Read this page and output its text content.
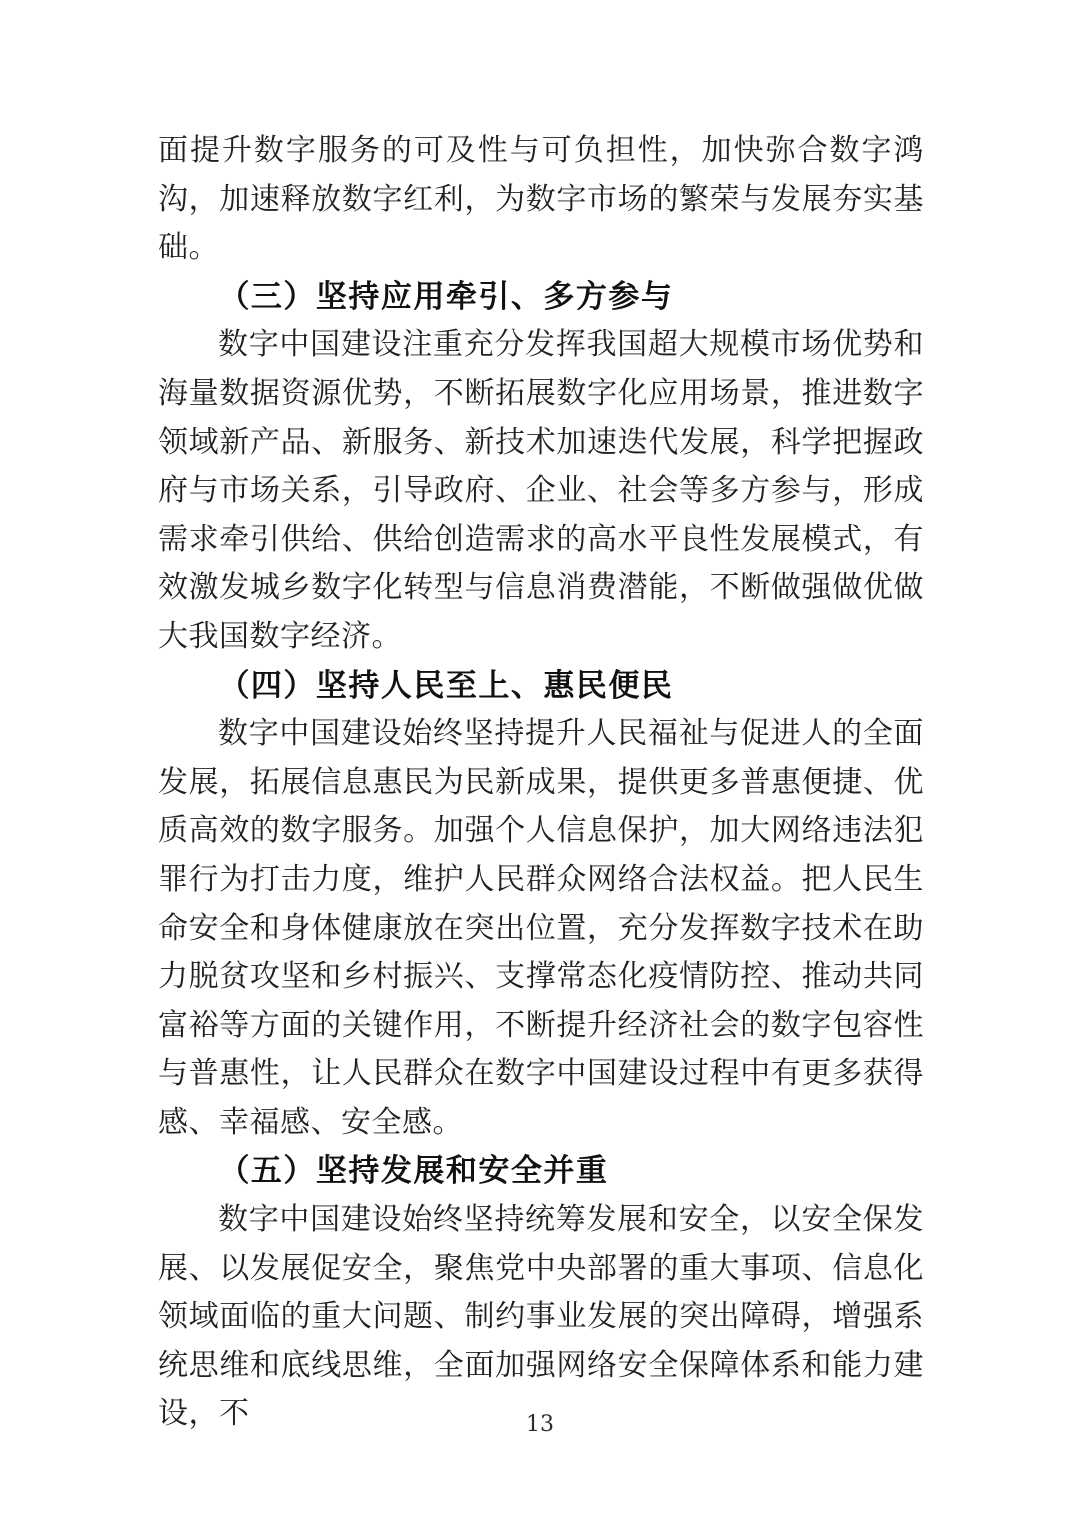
面提升数字服务的可及性与可负担性，加快弥合数字鸿沟，加速释放数字红利，为数字市场的繁荣与发展夯实基础。

（三）坚持应用牵引、多方参与

数字中国建设注重充分发挥我国超大规模市场优势和海量数据资源优势，不断拓展数字化应用场景，推进数字领域新产品、新服务、新技术加速迭代发展，科学把握政府与市场关系，引导政府、企业、社会等多方参与，形成需求牵引供给、供给创造需求的高水平良性发展模式，有效激发城乡数字化转型与信息消费潜能，不断做强做优做大我国数字经济。

（四）坚持人民至上、惠民便民

数字中国建设始终坚持提升人民福祉与促进人的全面发展，拓展信息惠民为民新成果，提供更多普惠便捷、优质高效的数字服务。加强个人信息保护，加大网络违法犯罪行为打击力度，维护人民群众网络合法权益。把人民生命安全和身体健康放在突出位置，充分发挥数字技术在助力脱贫攻坚和乡村振兴、支撑常态化疫情防控、推动共同富裕等方面的关键作用，不断提升经济社会的数字包容性与普惠性，让人民群众在数字中国建设过程中有更多获得感、幸福感、安全感。

（五）坚持发展和安全并重

数字中国建设始终坚持统筹发展和安全，以安全保发展、以发展促安全，聚焦党中央部署的重大事项、信息化领域面临的重大问题、制约事业发展的突出障碍，增强系统思维和底线思维，全面加强网络安全保障体系和能力建设，不	13
